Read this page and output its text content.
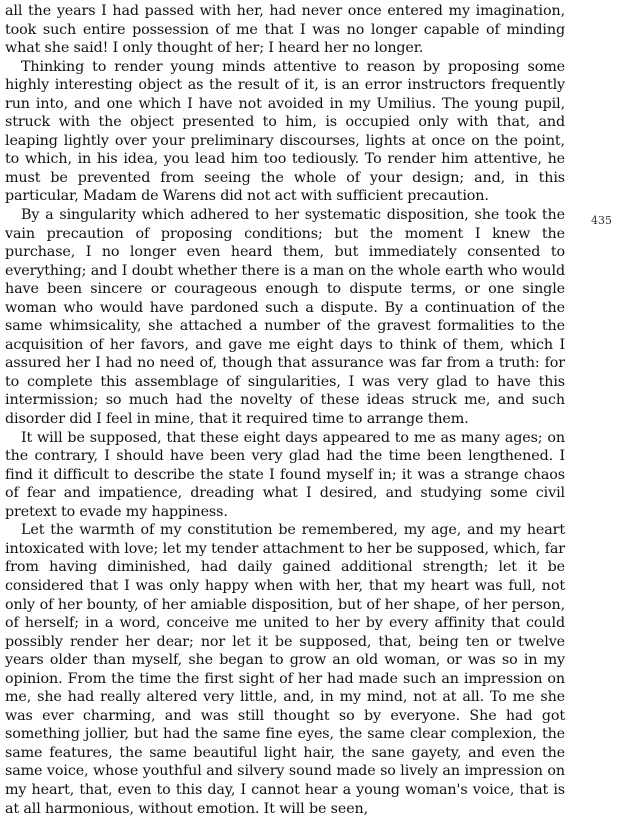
all the years I had passed with her, had never once entered my imagination, took such entire possession of me that I was no longer capable of minding what she said! I only thought of her; I heard her no longer.

Thinking to render young minds attentive to reason by proposing some highly interesting object as the result of it, is an error instructors frequently run into, and one which I have not avoided in my Umilius. The young pupil, struck with the object presented to him, is occupied only with that, and leaping lightly over your preliminary discourses, lights at once on the point, to which, in his idea, you lead him too tediously. To render him attentive, he must be prevented from seeing the whole of your design; and, in this particular, Madam de Warens did not act with sufficient precaution.

By a singularity which adhered to her systematic disposition, she took the vain precaution of proposing conditions; but the moment I knew the purchase, I no longer even heard them, but immediately consented to everything; and I doubt whether there is a man on the whole earth who would have been sincere or courageous enough to dispute terms, or one single woman who would have pardoned such a dispute. By a continuation of the same whimsicality, she attached a number of the gravest formalities to the acquisition of her favors, and gave me eight days to think of them, which I assured her I had no need of, though that assurance was far from a truth: for to complete this assemblage of singularities, I was very glad to have this intermission; so much had the novelty of these ideas struck me, and such disorder did I feel in mine, that it required time to arrange them.

It will be supposed, that these eight days appeared to me as many ages; on the contrary, I should have been very glad had the time been lengthened. I find it difficult to describe the state I found myself in; it was a strange chaos of fear and impatience, dreading what I desired, and studying some civil pretext to evade my happiness.

Let the warmth of my constitution be remembered, my age, and my heart intoxicated with love; let my tender attachment to her be supposed, which, far from having diminished, had daily gained additional strength; let it be considered that I was only happy when with her, that my heart was full, not only of her bounty, of her amiable disposition, but of her shape, of her person, of herself; in a word, conceive me united to her by every affinity that could possibly render her dear; nor let it be supposed, that, being ten or twelve years older than myself, she began to grow an old woman, or was so in my opinion. From the time the first sight of her had made such an impression on me, she had really altered very little, and, in my mind, not at all. To me she was ever charming, and was still thought so by everyone. She had got something jollier, but had the same fine eyes, the same clear complexion, the same features, the same beautiful light hair, the sane gayety, and even the same voice, whose youthful and silvery sound made so lively an impression on my heart, that, even to this day, I cannot hear a young woman's voice, that is at all harmonious, without emotion. It will be seen,

435
